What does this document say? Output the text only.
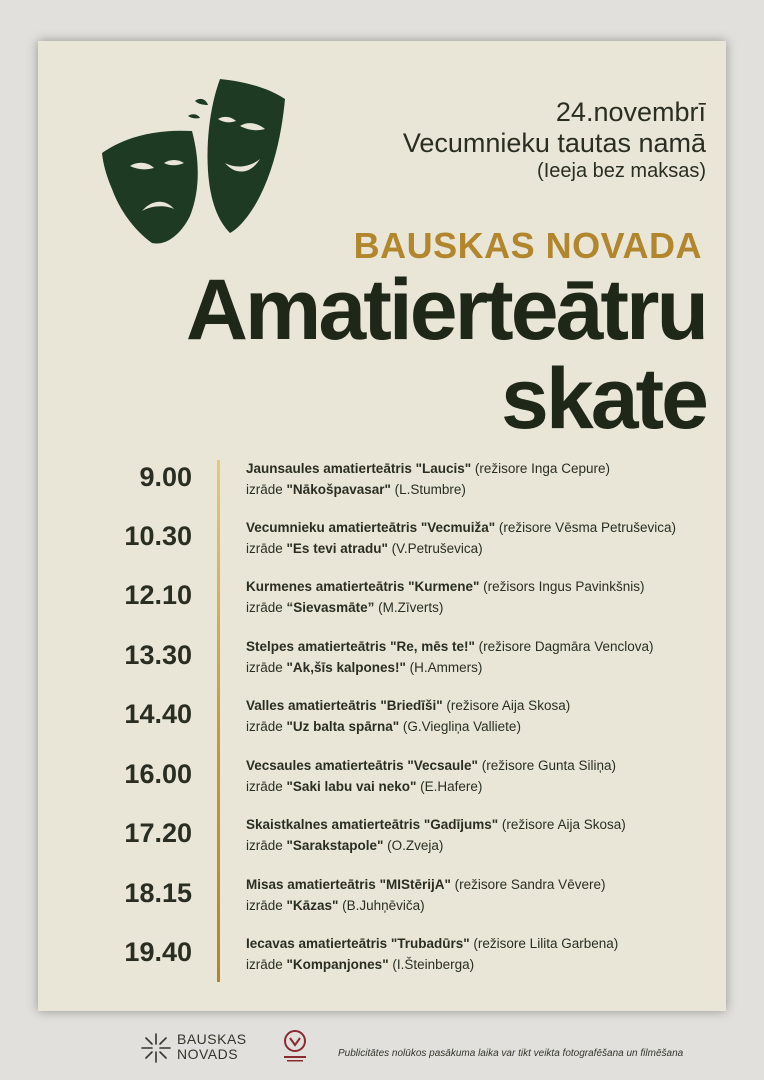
24.novembrī
Vecumnieku tautas namā
(Ieeja bez maksas)
BAUSKAS NOVADA
Amatierteātru
skate
9.00	Jaunsaules amatierteātris "Laucis" (režisore Inga Cepure)
izrāde "Nākošpavasar" (L.Stumbre)
10.30	Vecumnieku amatierteātris "Vecmuiža" (režisore Vēsma Petruševica)
izrāde "Es tevi atradu" (V.Petruševica)
12.10	Kurmenes amatierteātris "Kurmene" (režisors Ingus Pavinkšnis)
izrāde “Sievasmāte” (M.Zīverts)
13.30	Stelpes amatierteātris "Re, mēs te!" (režisore Dagmāra Venclova)
izrāde "Ak,šīs kalpones!" (H.Ammers)
14.40	Valles amatierteātris "Briedīši" (režisore Aija Skosa)
izrāde "Uz balta spārna" (G.Viegliņa Valliete)
16.00	Vecsaules amatierteātris "Vecsaule" (režisore Gunta Siliņa)
izrāde "Saki labu vai neko" (E.Hafere)
17.20	Skaistkalnes amatierteātris "Gadījums" (režisore Aija Skosa)
izrāde "Sarakstapole" (O.Zveja)
18.15	Misas amatierteātris "MIStērijA" (režisore Sandra Vēvere)
izrāde "Kāzas" (B.Juhņēviča)
19.40	Iecavas amatierteātris "Trubadūrs" (režisore Lilita Garbena)
izrāde "Kompanjones" (I.Šteinberga)
BAUSKAS
NOVADS	Publicitātes nolūkos pasākuma laika var tikt veikta fotografēšana un filmēšana
